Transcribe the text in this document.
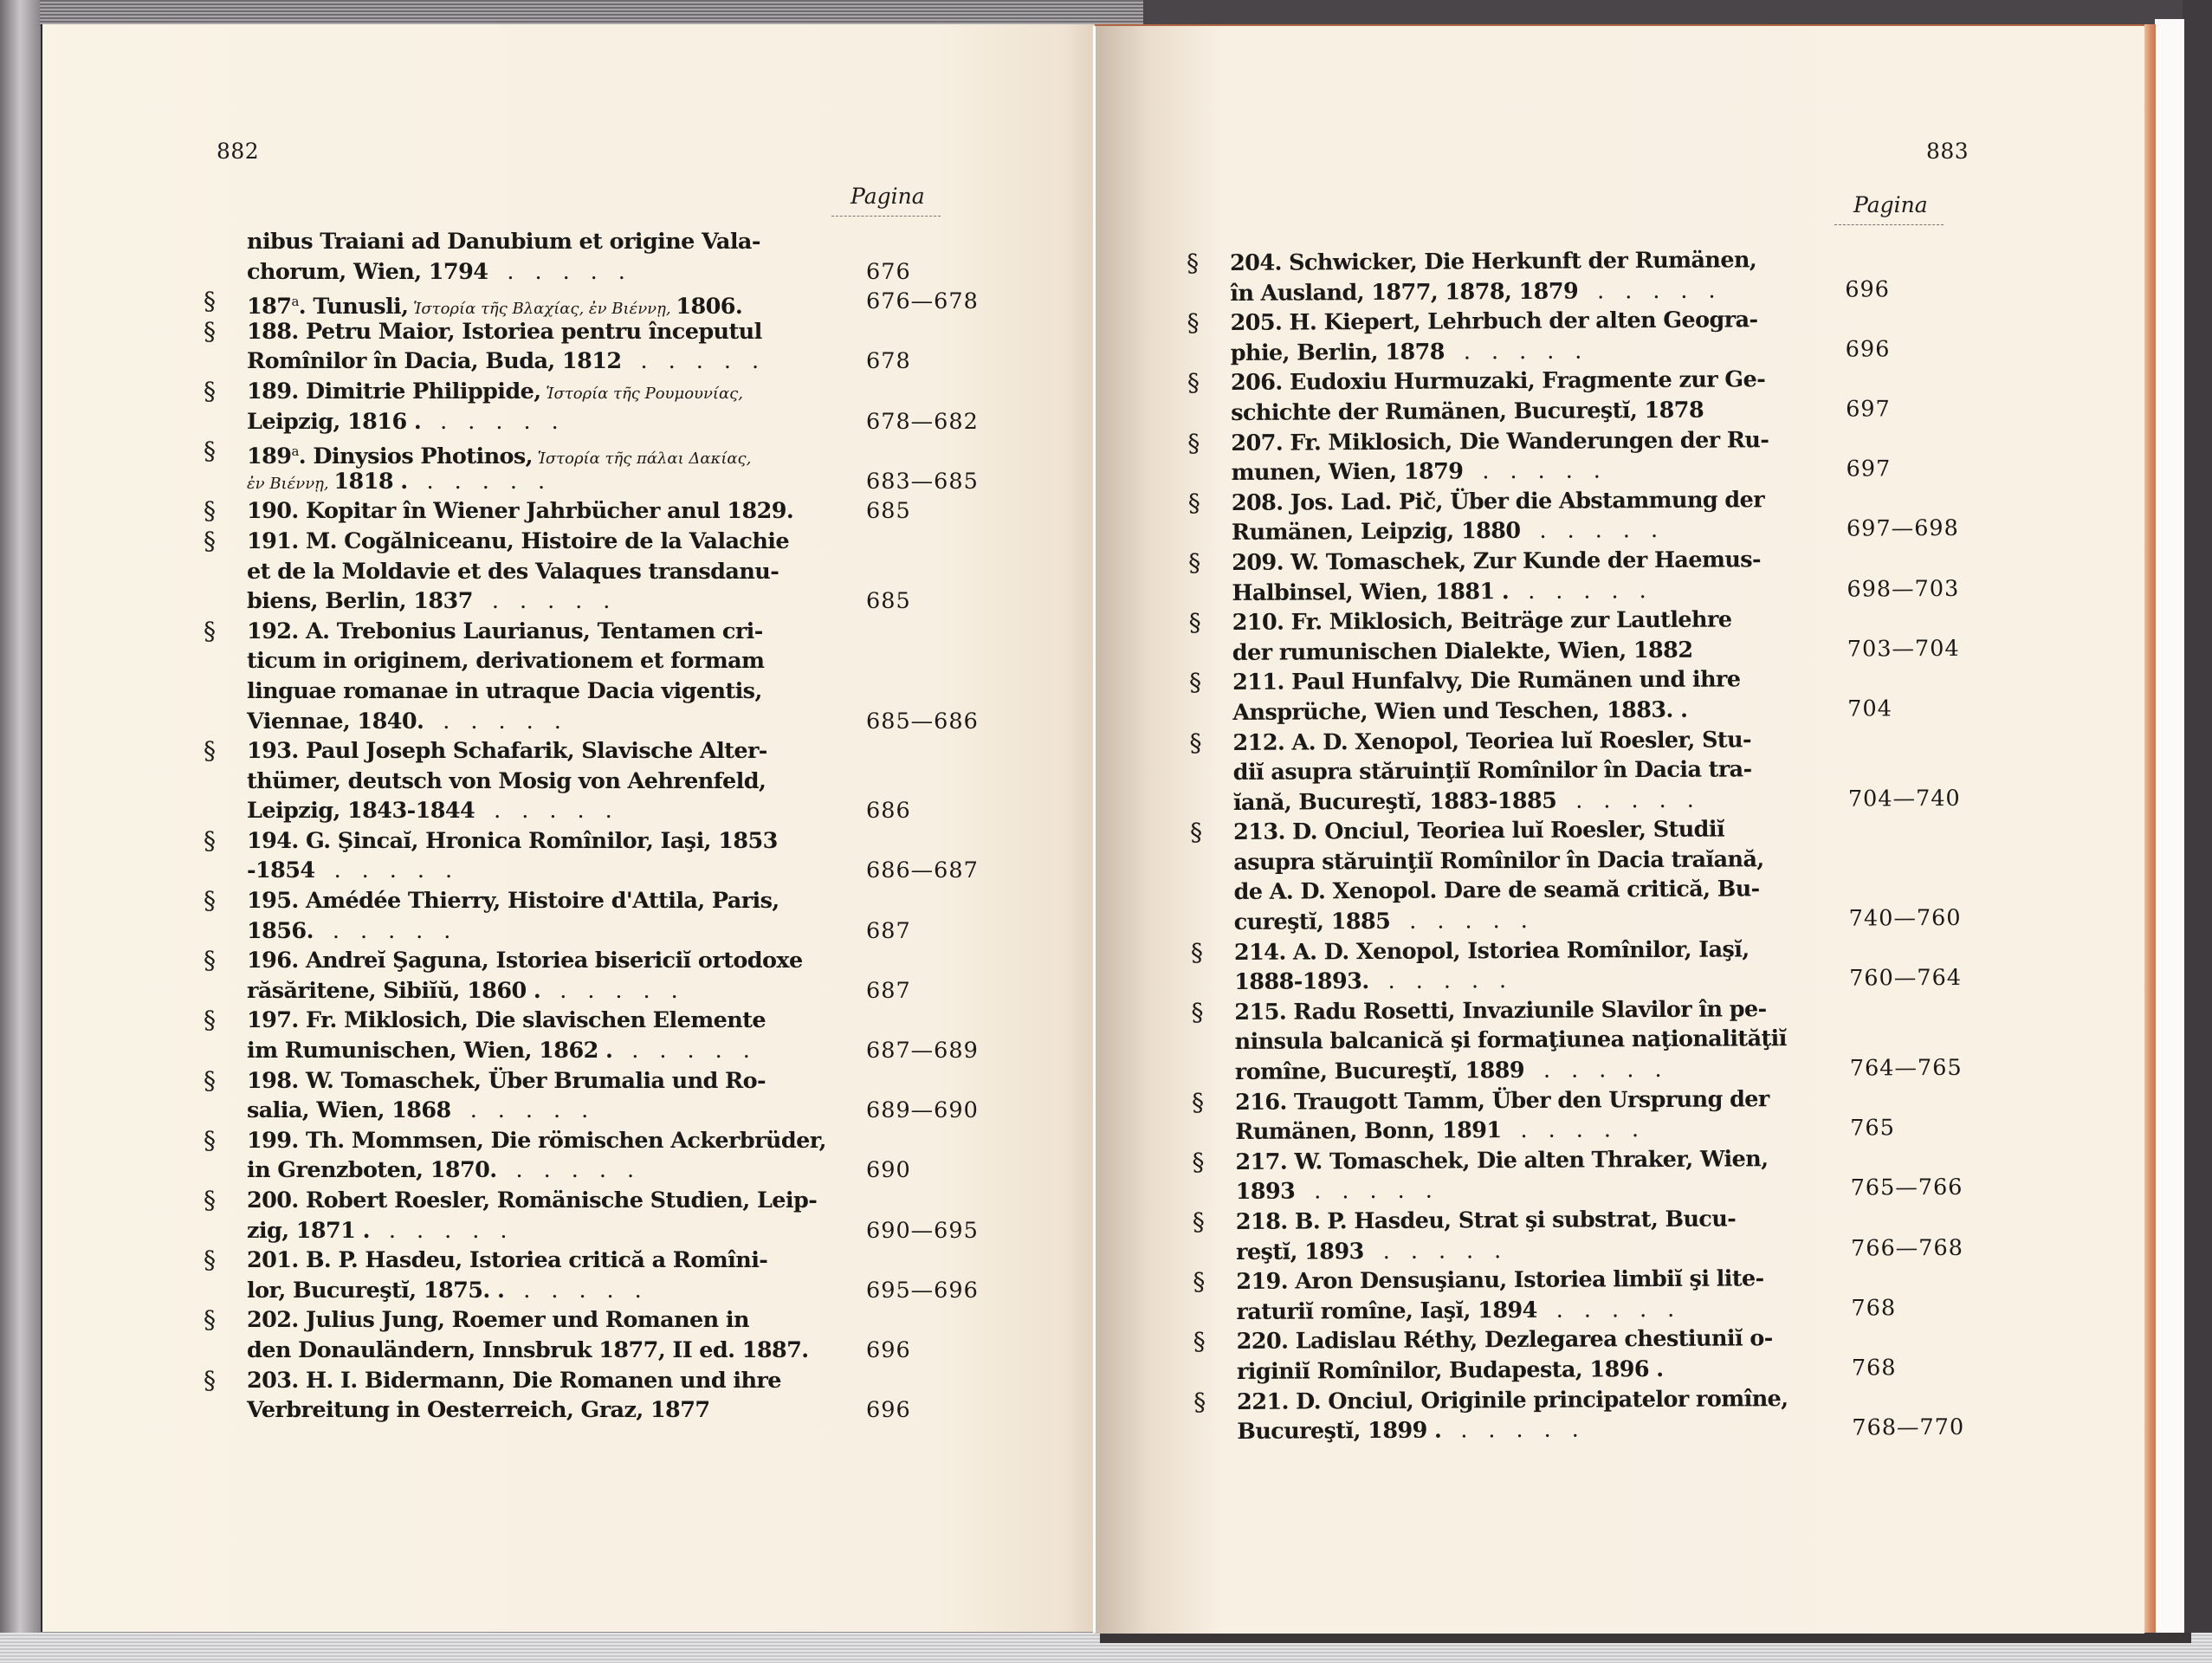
882
Pagina
883
Pagina
nibus Traiani ad Danubium et origine Vala-
chorum, Wien, 1794 .....	676
§ 187$^a$. Tunusli, Ἱστορία τῆς Βλαχίας, ἐν Βιέννῃ, 1806.	676—678
§ 188. Petru Maior, Istoriea pentru începutul
Romînilor în Dacia, Buda, 1812 .....	678
§ 189. Dimitrie Philippide, Ἱστορία τῆς Ρουμουνίας,
Leipzig, 1816 . .....	678—682
§ 189$^a$. Dinysios Photinos, Ἱστορία τῆς πάλαι Δακίας,
ἐν Βιέννῃ, 1818 . .....	683—685
§ 190. Kopitar în Wiener Jahrbücher anul 1829.	685
§ 191. M. Cogălniceanu, Histoire de la Valachie
et de la Moldavie et des Valaques transdanu-
biens, Berlin, 1837 .....	685
§ 192. A. Trebonius Laurianus, Tentamen cri-
ticum in originem, derivationem et formam
linguae romanae in utraque Dacia vigentis,
Viennae, 1840. .....	685—686
§ 193. Paul Joseph Schafarik, Slavische Alter-
thümer, deutsch von Mosig von Aehrenfeld,
Leipzig, 1843-1844 .....	686
§ 194. G. Şincaĭ, Hronica Romînilor, Iaşi, 1853
-1854 .....	686—687
§ 195. Amédée Thierry, Histoire d'Attila, Paris,
1856. .....	687
§ 196. Andreĭ Şaguna, Istoriea bisericiĭ ortodoxe
răsăritene, Sibiĭŭ, 1860 . .....	687
§ 197. Fr. Miklosich, Die slavischen Elemente
im Rumunischen, Wien, 1862 . .....	687—689
§ 198. W. Tomaschek, Über Brumalia und Ro-
salia, Wien, 1868 .....	689—690
§ 199. Th. Mommsen, Die römischen Ackerbrüder,
in Grenzboten, 1870. .....	690
§ 200. Robert Roesler, Romänische Studien, Leip-
zig, 1871 . .....	690—695
§ 201. B. P. Hasdeu, Istoriea critică a Romîni-
lor, Bucureştĭ, 1875. . .....	695—696
§ 202. Julius Jung, Roemer und Romanen in
den Donauländern, Innsbruk 1877, II ed. 1887.	696
§ 203. H. I. Bidermann, Die Romanen und ihre
Verbreitung in Oesterreich, Graz, 1877	696
§ 204. Schwicker, Die Herkunft der Rumänen,
în Ausland, 1877, 1878, 1879 .....	696
§ 205. H. Kiepert, Lehrbuch der alten Geogra-
phie, Berlin, 1878 .....	696
§ 206. Eudoxiu Hurmuzaki, Fragmente zur Ge-
schichte der Rumänen, Bucureştĭ, 1878	697
§ 207. Fr. Miklosich, Die Wanderungen der Ru-
munen, Wien, 1879 .....	697
§ 208. Jos. Lad. Pič, Über die Abstammung der
Rumänen, Leipzig, 1880 .....	697—698
§ 209. W. Tomaschek, Zur Kunde der Haemus-
Halbinsel, Wien, 1881 . .....	698—703
§ 210. Fr. Miklosich, Beiträge zur Lautlehre
der rumunischen Dialekte, Wien, 1882	703—704
§ 211. Paul Hunfalvy, Die Rumänen und ihre
Ansprüche, Wien und Teschen, 1883. .	704
§ 212. A. D. Xenopol, Teoriea luĭ Roesler, Stu-
diĭ asupra stăruinţiĭ Romînilor în Dacia tra-
ĭană, Bucureştĭ, 1883-1885 .....	704—740
§ 213. D. Onciul, Teoriea luĭ Roesler, Studiĭ
asupra stăruinţiĭ Romînilor în Dacia traĭană,
de A. D. Xenopol. Dare de seamă critică, Bu-
cureştĭ, 1885 .....	740—760
§ 214. A. D. Xenopol, Istoriea Romînilor, Iaşĭ,
1888-1893. .....	760—764
§ 215. Radu Rosetti, Invaziunile Slavilor în pe-
ninsula balcanică şi formaţiunea naţionalităţiĭ
romîne, Bucureştĭ, 1889 .....	764—765
§ 216. Traugott Tamm, Über den Ursprung der
Rumänen, Bonn, 1891 .....	765
§ 217. W. Tomaschek, Die alten Thraker, Wien,
1893 .....	765—766
§ 218. B. P. Hasdeu, Strat şi substrat, Bucu-
reştĭ, 1893 .....	766—768
§ 219. Aron Densuşianu, Istoriea limbiĭ şi lite-
raturiĭ romîne, Iaşĭ, 1894 .....	768
§ 220. Ladislau Réthy, Dezlegarea chestiuniĭ o-
riginiĭ Romînilor, Budapesta, 1896 .	768
§ 221. D. Onciul, Originile principatelor romîne,
Bucureştĭ, 1899 . .....	768—770
